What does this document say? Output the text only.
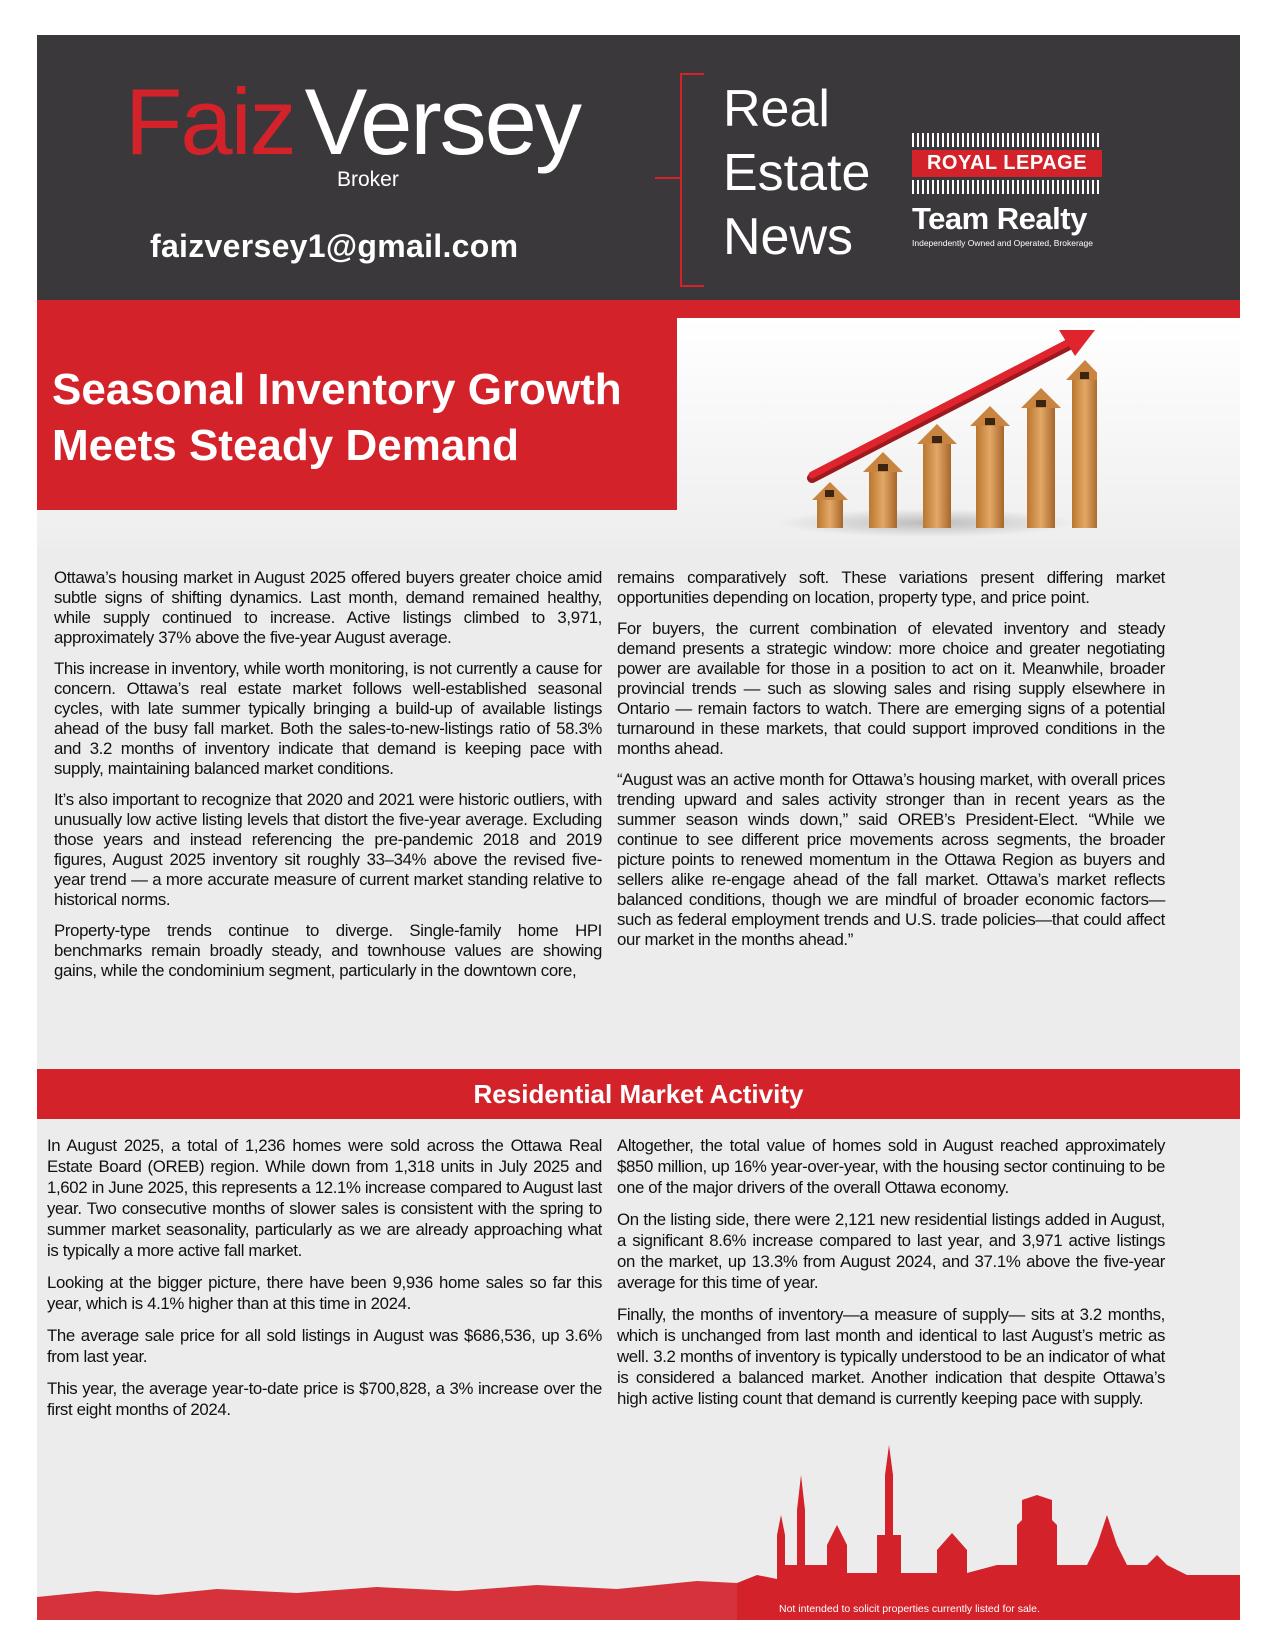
Faiz Versey
Broker
faizversey1@gmail.com
Real
Estate
News
ROYAL LEPAGE
Team Realty
Independently Owned and Operated, Brokerage
Seasonal Inventory Growth
Meets Steady Demand

Ottawa’s housing market in August 2025 offered buyers greater choice amid subtle signs of shifting dynamics. Last month, demand remained healthy, while supply continued to increase. Active listings climbed to 3,971, approximately 37% above the five-year August average.

This increase in inventory, while worth monitoring, is not currently a cause for concern. Ottawa’s real estate market follows well-established seasonal cycles, with late summer typically bringing a build-up of available listings ahead of the busy fall market. Both the sales-to-new-listings ratio of 58.3% and 3.2 months of inventory indicate that demand is keeping pace with supply, maintaining balanced market conditions.

It’s also important to recognize that 2020 and 2021 were historic outliers, with unusually low active listing levels that distort the five-year average. Excluding those years and instead referencing the pre-pandemic 2018 and 2019 figures, August 2025 inventory sit roughly 33–34% above the revised five-year trend — a more accurate measure of current market standing relative to historical norms.

Property-type trends continue to diverge. Single-family home HPI benchmarks remain broadly steady, and townhouse values are showing gains, while the condominium segment, particularly in the downtown core,

remains comparatively soft. These variations present differing market opportunities depending on location, property type, and price point.

For buyers, the current combination of elevated inventory and steady demand presents a strategic window: more choice and greater negotiating power are available for those in a position to act on it. Meanwhile, broader provincial trends — such as slowing sales and rising supply elsewhere in Ontario — remain factors to watch. There are emerging signs of a potential turnaround in these markets, that could support improved conditions in the months ahead.

“August was an active month for Ottawa’s housing market, with overall prices trending upward and sales activity stronger than in recent years as the summer season winds down,” said OREB’s President-Elect. “While we continue to see different price movements across segments, the broader picture points to renewed momentum in the Ottawa Region as buyers and sellers alike re-engage ahead of the fall market. Ottawa’s market reflects balanced conditions, though we are mindful of broader economic factors—such as federal employment trends and U.S. trade policies—that could affect our market in the months ahead.”

Residential Market Activity

In August 2025, a total of 1,236 homes were sold across the Ottawa Real Estate Board (OREB) region. While down from 1,318 units in July 2025 and 1,602 in June 2025, this represents a 12.1% increase compared to August last year. Two consecutive months of slower sales is consistent with the spring to summer market seasonality, particularly as we are already approaching what is typically a more active fall market.

Looking at the bigger picture, there have been 9,936 home sales so far this year, which is 4.1% higher than at this time in 2024.

The average sale price for all sold listings in August was $686,536, up 3.6% from last year.

This year, the average year-to-date price is $700,828, a 3% increase over the first eight months of 2024.

Altogether, the total value of homes sold in August reached approximately $850 million, up 16% year-over-year, with the housing sector continuing to be one of the major drivers of the overall Ottawa economy.

On the listing side, there were 2,121 new residential listings added in August, a significant 8.6% increase compared to last year, and 3,971 active listings on the market, up 13.3% from August 2024, and 37.1% above the five-year average for this time of year.

Finally, the months of inventory—a measure of supply— sits at 3.2 months, which is unchanged from last month and identical to last August’s metric as well. 3.2 months of inventory is typically understood to be an indicator of what is considered a balanced market. Another indication that despite Ottawa’s high active listing count that demand is currently keeping pace with supply.

Not intended to solicit properties currently listed for sale.
